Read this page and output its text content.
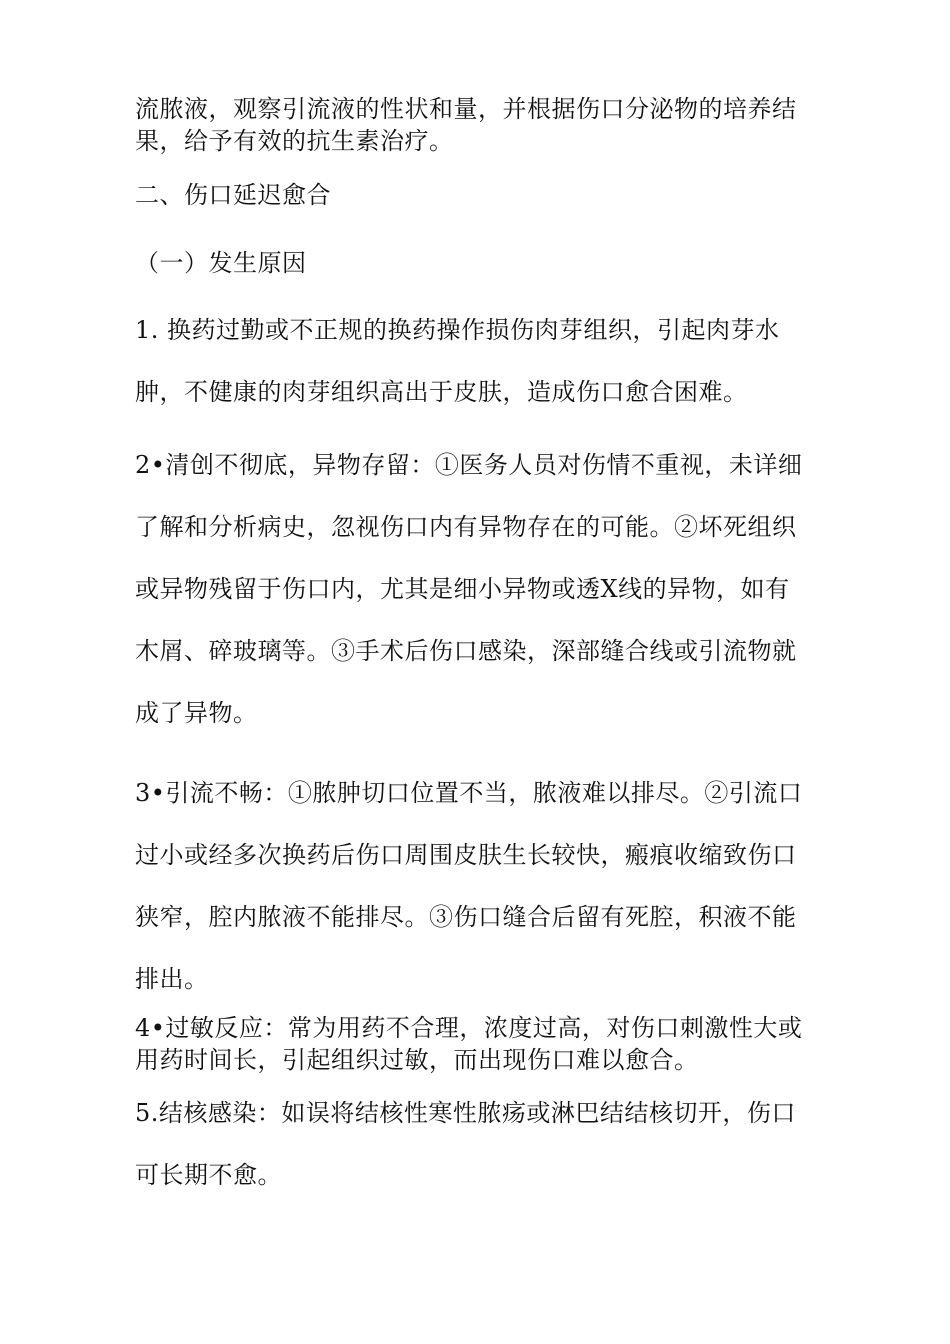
流脓液，观察引流液的性状和量，并根据伤口分泌物的培养结
果，给予有效的抗生素治疗。
二、伤口延迟愈合
（一）发生原因
1. 换药过勤或不正规的换药操作损伤肉芽组织，引起肉芽水
肿，不健康的肉芽组织高出于皮肤，造成伤口愈合困难。
2•清创不彻底，异物存留：①医务人员对伤情不重视，未详细
了解和分析病史，忽视伤口内有异物存在的可能。②坏死组织
或异物残留于伤口内，尤其是细小异物或透X线的异物，如有
木屑、碎玻璃等。③手术后伤口感染，深部缝合线或引流物就
成了异物。
3•引流不畅：①脓肿切口位置不当，脓液难以排尽。②引流口
过小或经多次换药后伤口周围皮肤生长较快，瘢痕收缩致伤口
狭窄，腔内脓液不能排尽。③伤口缝合后留有死腔，积液不能
排出。
4•过敏反应：常为用药不合理，浓度过高，对伤口刺激性大或
用药时间长，引起组织过敏，而出现伤口难以愈合。
5.结核感染：如误将结核性寒性脓疡或淋巴结结核切开，伤口
可长期不愈。
